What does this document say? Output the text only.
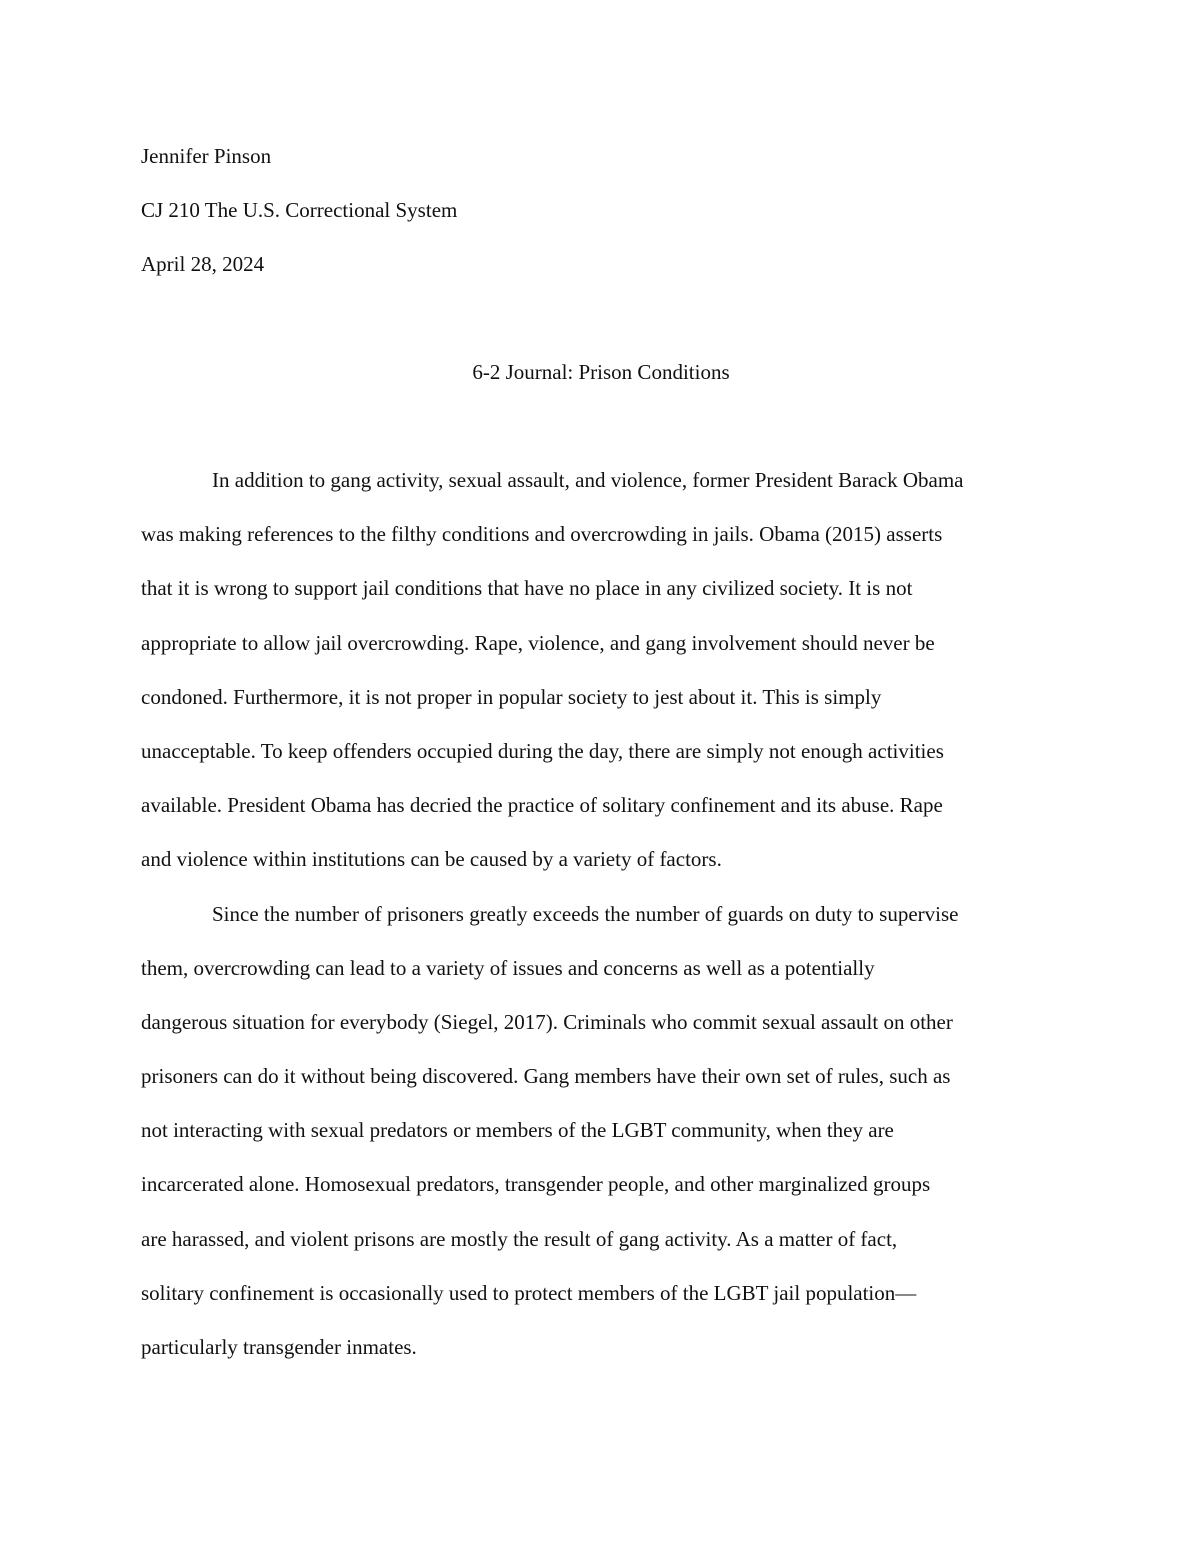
Jennifer Pinson
CJ 210 The U.S. Correctional System
April 28, 2024
6-2 Journal: Prison Conditions
In addition to gang activity, sexual assault, and violence, former President Barack Obama
was making references to the filthy conditions and overcrowding in jails. Obama (2015) asserts
that it is wrong to support jail conditions that have no place in any civilized society. It is not
appropriate to allow jail overcrowding. Rape, violence, and gang involvement should never be
condoned. Furthermore, it is not proper in popular society to jest about it. This is simply
unacceptable. To keep offenders occupied during the day, there are simply not enough activities
available. President Obama has decried the practice of solitary confinement and its abuse. Rape
and violence within institutions can be caused by a variety of factors.
Since the number of prisoners greatly exceeds the number of guards on duty to supervise
them, overcrowding can lead to a variety of issues and concerns as well as a potentially
dangerous situation for everybody (Siegel, 2017). Criminals who commit sexual assault on other
prisoners can do it without being discovered. Gang members have their own set of rules, such as
not interacting with sexual predators or members of the LGBT community, when they are
incarcerated alone. Homosexual predators, transgender people, and other marginalized groups
are harassed, and violent prisons are mostly the result of gang activity. As a matter of fact,
solitary confinement is occasionally used to protect members of the LGBT jail population—
particularly transgender inmates.
